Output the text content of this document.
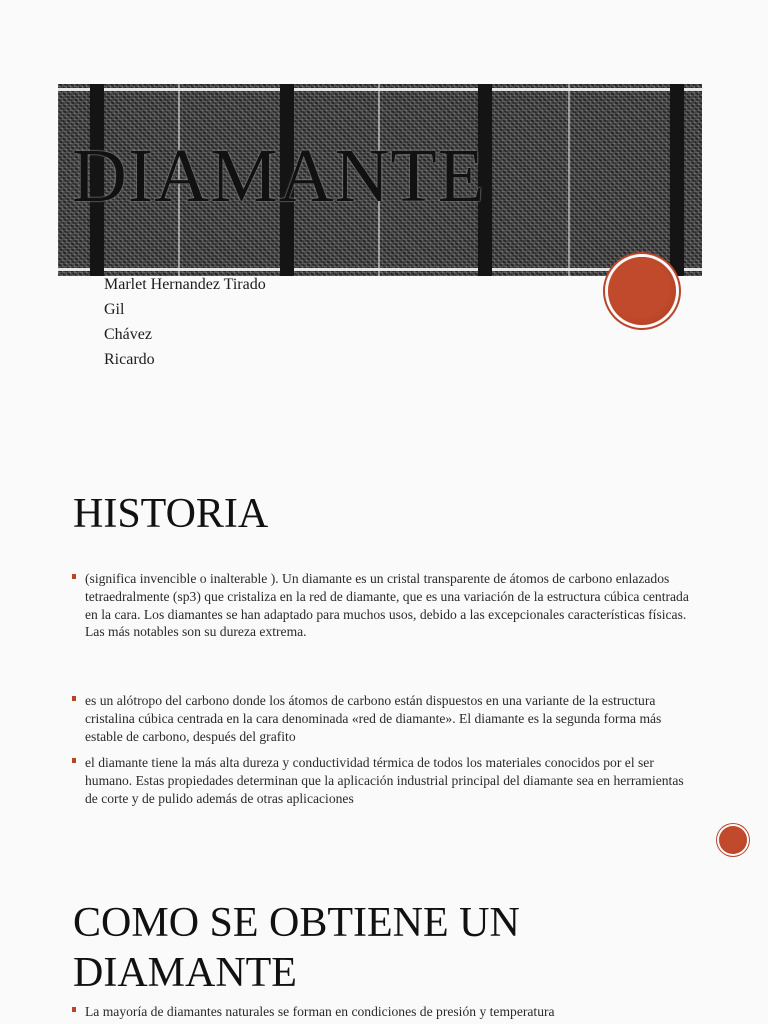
DIAMANTE
Marlet Hernandez Tirado
Gil
Chávez
Ricardo
HISTORIA
(significa invencible o inalterable ). Un diamante es un cristal transparente de átomos de carbono enlazados tetraedralmente (sp3) que cristaliza en la red de diamante, que es una variación de la estructura cúbica centrada en la cara. Los diamantes se han adaptado para muchos usos, debido a las excepcionales características físicas. Las más notables son su dureza extrema.
es un alótropo del carbono donde los átomos de carbono están dispuestos en una variante de la estructura cristalina cúbica centrada en la cara denominada «red de diamante». El diamante es la segunda forma más estable de carbono, después del grafito
el diamante tiene la más alta dureza y conductividad térmica de todos los materiales conocidos por el ser humano. Estas propiedades determinan que la aplicación industrial principal del diamante sea en herramientas de corte y de pulido además de otras aplicaciones
COMO SE OBTIENE UN DIAMANTE
La mayoría de diamantes naturales se forman en condiciones de presión y temperatura
